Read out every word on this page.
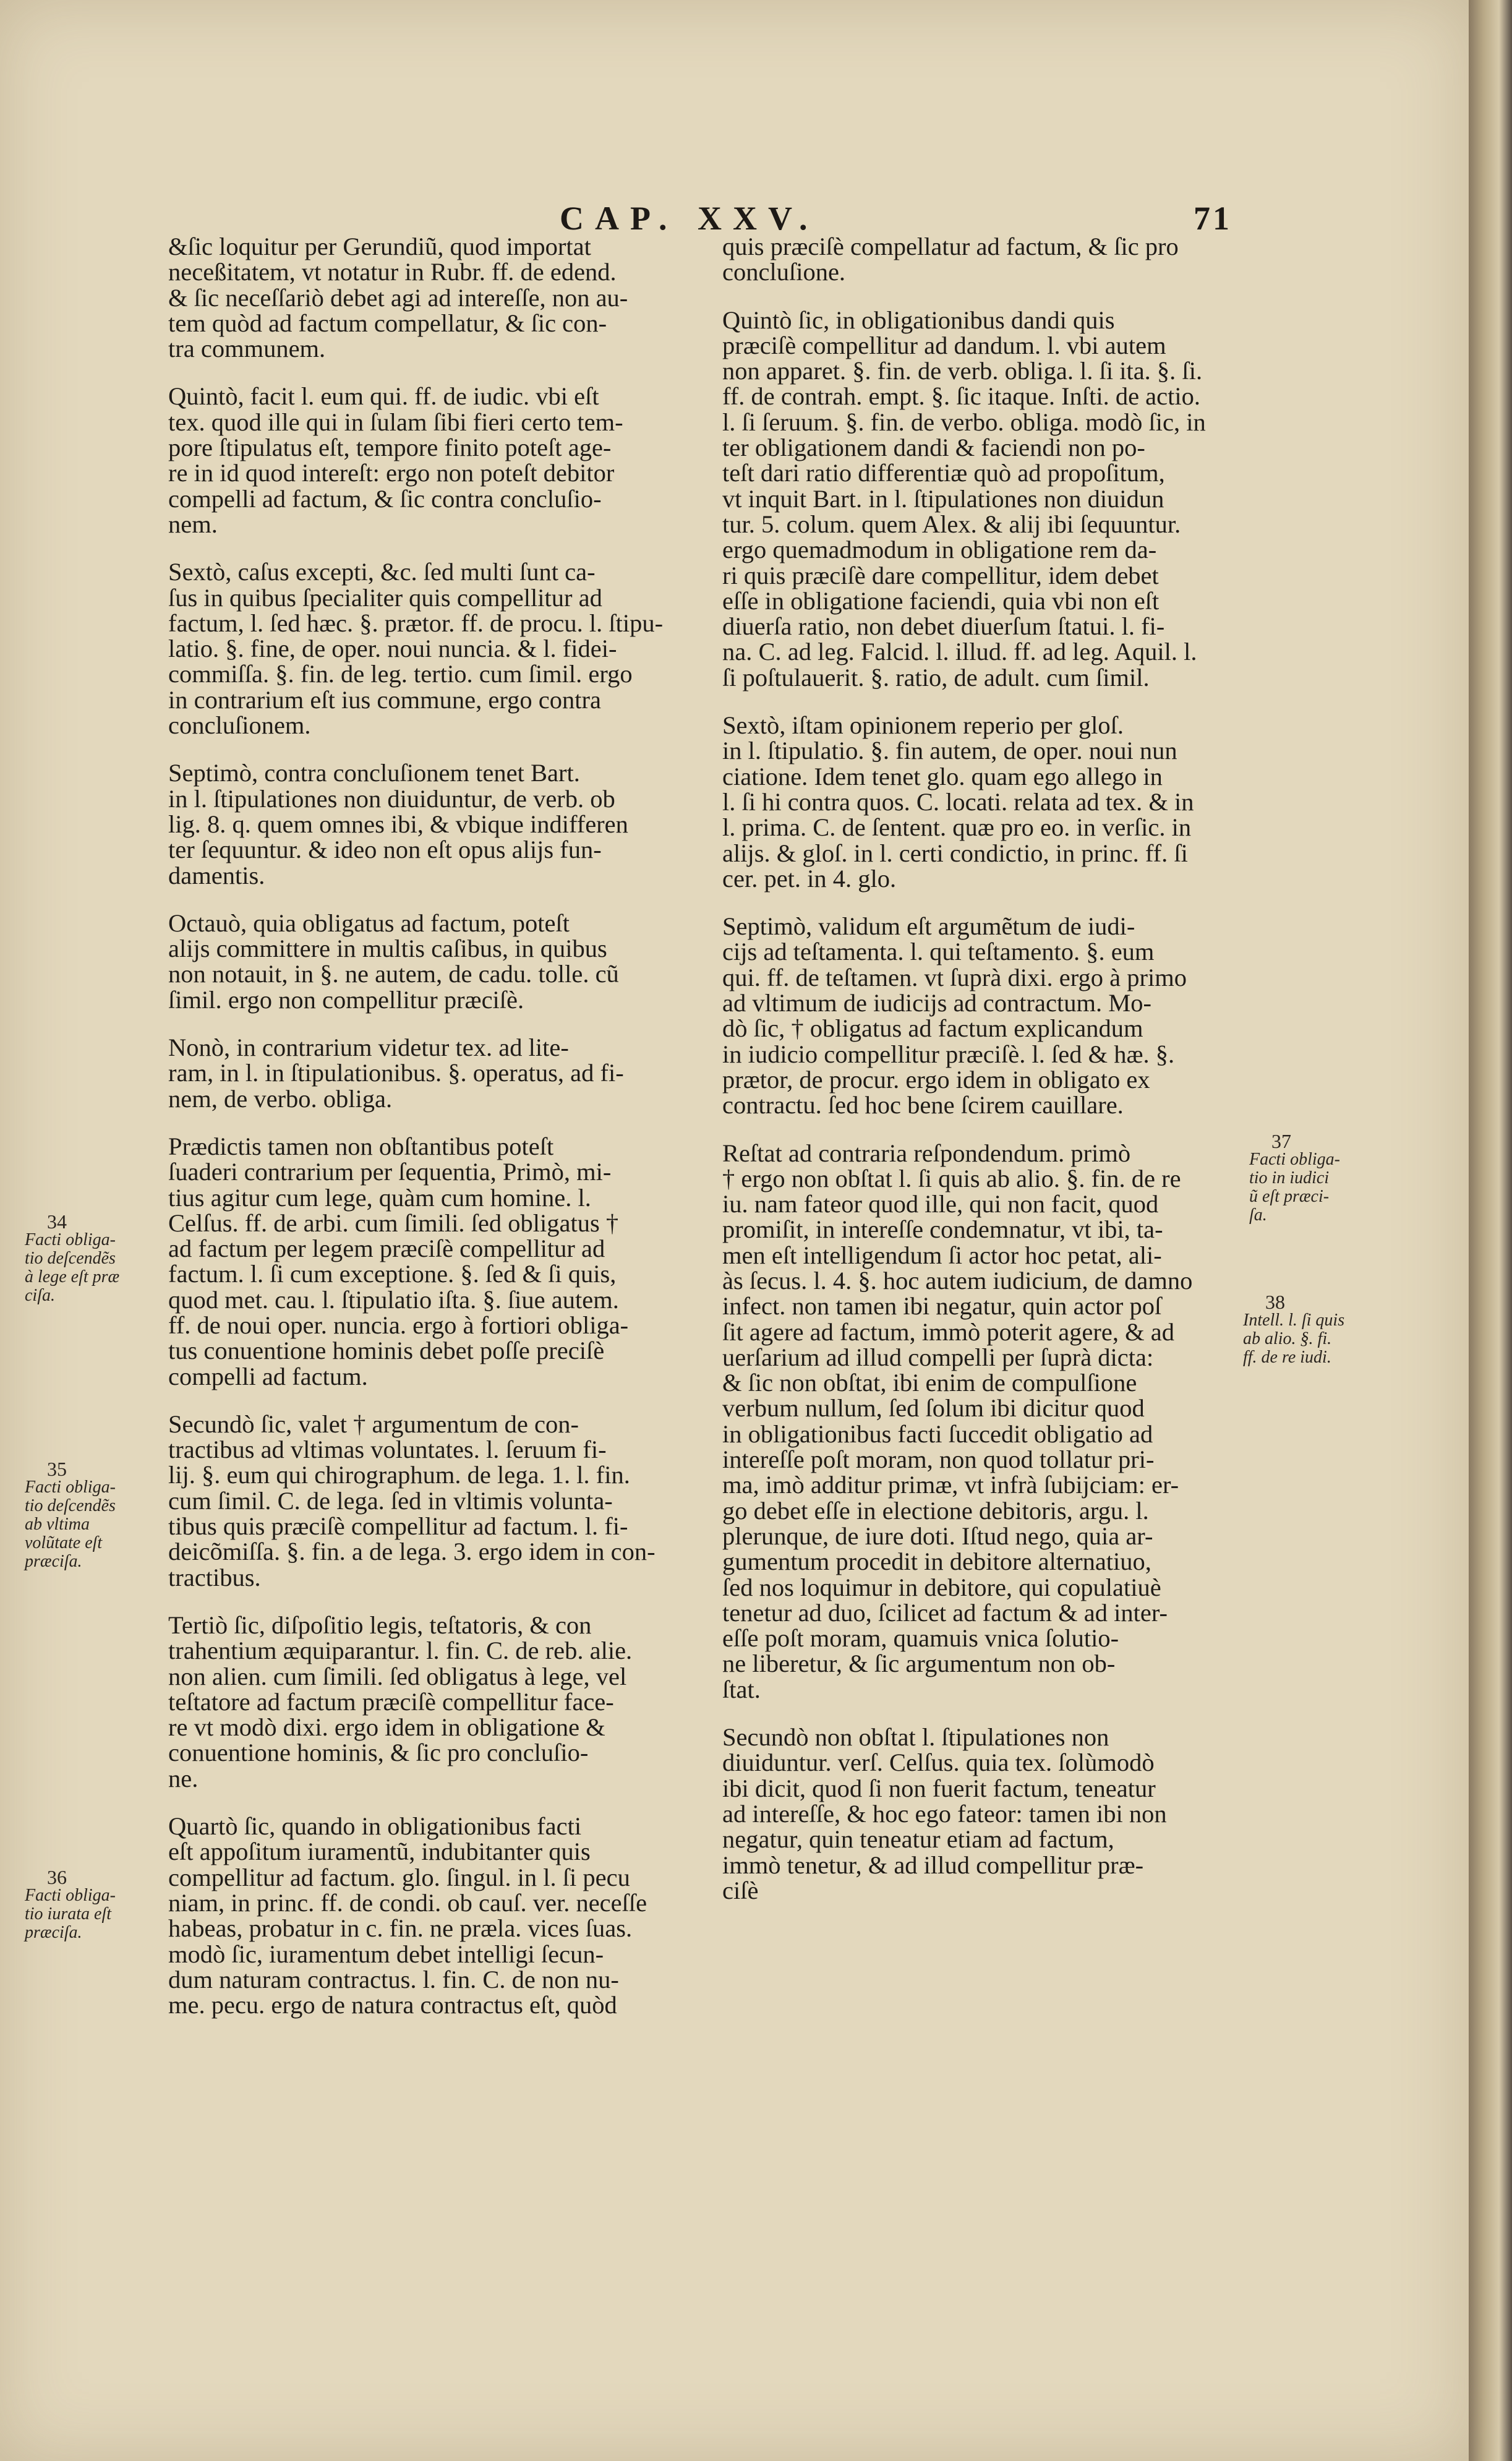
CAP. XXV.	71

&ſic loquitur per Gerundiũ, quod importat

neceßitatem, vt notatur in Rubr. ff. de edend.

& ſic neceſſariò debet agi ad intereſſe, non au-

tem quòd ad factum compellatur, & ſic con-

tra communem.

Quintò, facit l. eum qui. ff. de iudic. vbi eſt

tex. quod ille qui in ſulam ſibi fieri certo tem-

pore ſtipulatus eſt, tempore finito poteſt age-

re in id quod intereſt: ergo non poteſt debitor

compelli ad factum, & ſic contra concluſio-

nem.

Sextò, caſus excepti, &c. ſed multi ſunt ca-

ſus in quibus ſpecialiter quis compellitur ad

factum, l. ſed hæc. §. prætor. ff. de procu. l. ſtipu-

latio. §. fine, de oper. noui nuncia. & l. fidei-

commiſſa. §. fin. de leg. tertio. cum ſimil. ergo

in contrarium eſt ius commune, ergo contra

concluſionem.

Septimò, contra concluſionem tenet Bart.

in l. ſtipulationes non diuiduntur, de verb. ob

lig. 8. q. quem omnes ibi, & vbique indifferen

ter ſequuntur. & ideo non eſt opus alijs fun-

damentis.

Octauò, quia obligatus ad factum, poteſt

alijs committere in multis caſibus, in quibus

non notauit, in §. ne autem, de cadu. tolle. cũ

ſimil. ergo non compellitur præciſè.

Nonò, in contrarium videtur tex. ad lite-

ram, in l. in ſtipulationibus. §. operatus, ad fi-

nem, de verbo. obliga.

Prædictis tamen non obſtantibus poteſt

ſuaderi contrarium per ſequentia, Primò, mi-

tius agitur cum lege, quàm cum homine. l.

Celſus. ff. de arbi. cum ſimili. ſed obligatus †

ad factum per legem præciſè compellitur ad

factum. l. ſi cum exceptione. §. ſed & ſi quis,

quod met. cau. l. ſtipulatio iſta. §. ſiue autem.

ff. de noui oper. nuncia. ergo à fortiori obliga-

tus conuentione hominis debet poſſe preciſè

compelli ad factum.

Secundò ſic, valet † argumentum de con-

tractibus ad vltimas voluntates. l. ſeruum fi-

lij. §. eum qui chirographum. de lega. 1. l. fin.

cum ſimil. C. de lega. ſed in vltimis volunta-

tibus quis præciſè compellitur ad factum. l. fi-

deicõmiſſa. §. fin. a de lega. 3. ergo idem in con-

tractibus.

Tertiò ſic, diſpoſitio legis, teſtatoris, & con

trahentium æquiparantur. l. fin. C. de reb. alie.

non alien. cum ſimili. ſed obligatus à lege, vel

teſtatore ad factum præciſè compellitur face-

re vt modò dixi. ergo idem in obligatione &

conuentione hominis, & ſic pro concluſio-

ne.

Quartò ſic, quando in obligationibus facti

eſt appoſitum iuramentũ, indubitanter quis

compellitur ad factum. glo. ſingul. in l. ſi pecu

niam, in princ. ff. de condi. ob cauſ. ver. neceſſe

habeas, probatur in c. fin. ne præla. vices ſuas.

modò ſic, iuramentum debet intelligi ſecun-

dum naturam contractus. l. fin. C. de non nu-

me. pecu. ergo de natura contractus eſt, quòd

quis præciſè compellatur ad factum, & ſic pro

concluſione.

Quintò ſic, in obligationibus dandi quis

præciſè compellitur ad dandum. l. vbi autem

non apparet. §. fin. de verb. obliga. l. ſi ita. §. ſi.

ff. de contrah. empt. §. ſic itaque. Inſti. de actio.

l. ſi ſeruum. §. fin. de verbo. obliga. modò ſic, in

ter obligationem dandi & faciendi non po-

teſt dari ratio differentiæ quò ad propoſitum,

vt inquit Bart. in l. ſtipulationes non diuidun

tur. 5. colum. quem Alex. & alij ibi ſequuntur.

ergo quemadmodum in obligatione rem da-

ri quis præciſè dare compellitur, idem debet

eſſe in obligatione faciendi, quia vbi non eſt

diuerſa ratio, non debet diuerſum ſtatui. l. fi-

na. C. ad leg. Falcid. l. illud. ff. ad leg. Aquil. l.

ſi poſtulauerit. §. ratio, de adult. cum ſimil.

Sextò, iſtam opinionem reperio per gloſ.

in l. ſtipulatio. §. fin autem, de oper. noui nun

ciatione. Idem tenet glo. quam ego allego in

l. ſi hi contra quos. C. locati. relata ad tex. & in

l. prima. C. de ſentent. quæ pro eo. in verſic. in

alijs. & gloſ. in l. certi condictio, in princ. ff. ſi

cer. pet. in 4. glo.

Septimò, validum eſt argumẽtum de iudi-

cijs ad teſtamenta. l. qui teſtamento. §. eum

qui. ff. de teſtamen. vt ſuprà dixi. ergo à primo

ad vltimum de iudicijs ad contractum. Mo-

dò ſic, † obligatus ad factum explicandum

in iudicio compellitur præciſè. l. ſed & hæ. §.

prætor, de procur. ergo idem in obligato ex

contractu. ſed hoc bene ſcirem cauillare.

Reſtat ad contraria reſpondendum. primò

† ergo non obſtat l. ſi quis ab alio. §. fin. de re

iu. nam fateor quod ille, qui non facit, quod

promiſit, in intereſſe condemnatur, vt ibi, ta-

men eſt intelligendum ſi actor hoc petat, ali-

às ſecus. l. 4. §. hoc autem iudicium, de damno

infect. non tamen ibi negatur, quin actor poſ

ſit agere ad factum, immò poterit agere, & ad

uerſarium ad illud compelli per ſuprà dicta:

& ſic non obſtat, ibi enim de compulſione

verbum nullum, ſed ſolum ibi dicitur quod

in obligationibus facti ſuccedit obligatio ad

intereſſe poſt moram, non quod tollatur pri-

ma, imò additur primæ, vt infrà ſubijciam: er-

go debet eſſe in electione debitoris, argu. l.

plerunque, de iure doti. Iſtud nego, quia ar-

gumentum procedit in debitore alternatiuo,

ſed nos loquimur in debitore, qui copulatiuè

tenetur ad duo, ſcilicet ad factum & ad inter-

eſſe poſt moram, quamuis vnica ſolutio-

ne liberetur, & ſic argumentum non ob-

ſtat.

Secundò non obſtat l. ſtipulationes non

diuiduntur. verſ. Celſus. quia tex. ſolùmodò

ibi dicit, quod ſi non fuerit factum, teneatur

ad intereſſe, & hoc ego fateor: tamen ibi non

negatur, quin teneatur etiam ad factum,

immò tenetur, & ad illud compellitur præ-

ciſè

34
Facti obliga-
tio deſcendẽs
à lege eſt præ
ciſa.
35
Facti obliga-
tio deſcendẽs
ab vltima
volũtate eſt
præciſa.
36
Facti obliga-
tio iurata eſt
præciſa.
37
Facti obliga-
tio in iudici
ũ eſt præci-
ſa.
38
Intell. l. ſi quis
ab alio. §. fi.
ff. de re iudi.
